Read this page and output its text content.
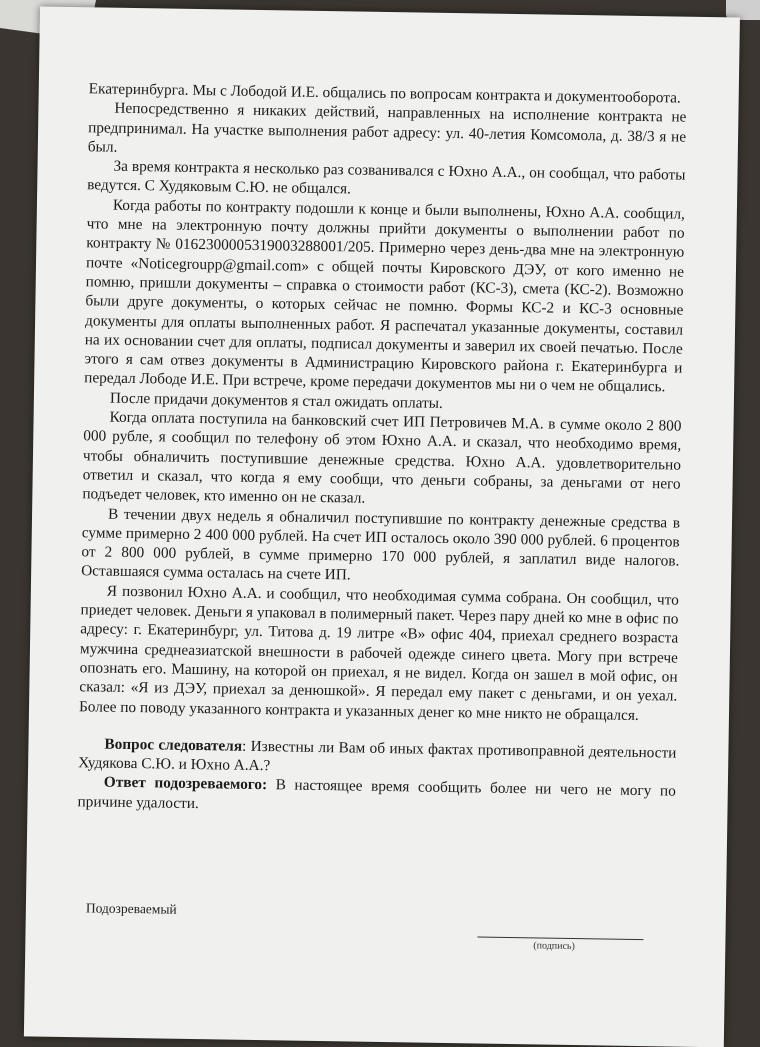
Екатеринбурга. Мы с Лободой И.Е. общались по вопросам контракта и документооборота.

Непосредственно я никаких действий, направленных на исполнение контракта не предпринимал. На участке выполнения работ адресу: ул. 40-летия Комсомола, д. 38/3 я не был.

За время контракта я несколько раз созванивался с Юхно А.А., он сообщал, что работы ведутся. С Худяковым С.Ю. не общался.

Когда работы по контракту подошли к конце и были выполнены, Юхно А.А. сообщил, что мне на электронную почту должны прийти документы о выполнении работ по контракту № 0162300005319003288001/205. Примерно через день-два мне на электронную почте «Noticegroupp@gmail.com» с общей почты Кировского ДЭУ, от кого именно не помню, пришли документы – справка о стоимости работ (КС-3), смета (КС-2). Возможно были друге документы, о которых сейчас не помню. Формы КС-2 и КС-3 основные документы для оплаты выполненных работ. Я распечатал указанные документы, составил на их основании счет для оплаты, подписал документы и заверил их своей печатью. После этого я сам отвез документы в Администрацию Кировского района г. Екатеринбурга и передал Лободе И.Е. При встрече, кроме передачи документов мы ни о чем не общались.

После придачи документов я стал ожидать оплаты.

Когда оплата поступила на банковский счет ИП Петровичев М.А. в сумме около 2 800 000 рубле, я сообщил по телефону об этом Юхно А.А. и сказал, что необходимо время, чтобы обналичить поступившие денежные средства. Юхно А.А. удовлетворительно ответил и сказал, что когда я ему сообщи, что деньги собраны, за деньгами от него подъедет человек, кто именно он не сказал.

В течении двух недель я обналичил поступившие по контракту денежные средства в сумме примерно 2 400 000 рублей. На счет ИП осталось около 390 000 рублей. 6 процентов от 2 800 000 рублей, в сумме примерно 170 000 рублей, я заплатил виде налогов. Оставшаяся сумма осталась на счете ИП.

Я позвонил Юхно А.А. и сообщил, что необходимая сумма собрана. Он сообщил, что приедет человек. Деньги я упаковал в полимерный пакет. Через пару дней ко мне в офис по адресу: г. Екатеринбург, ул. Титова д. 19 литре «В» офис 404, приехал среднего возраста мужчина среднеазиатской внешности в рабочей одежде синего цвета. Могу при встрече опознать его. Машину, на которой он приехал, я не видел. Когда он зашел в мой офис, он сказал: «Я из ДЭУ, приехал за денюшкой». Я передал ему пакет с деньгами, и он уехал. Более по поводу указанного контракта и указанных денег ко мне никто не обращался.

Вопрос следователя: Известны ли Вам об иных фактах противоправной деятельности Худякова С.Ю. и Юхно А.А.?

Ответ подозреваемого: В настоящее время сообщить более ни чего не могу по причине удалости.

Подозреваемый
(подпись)
